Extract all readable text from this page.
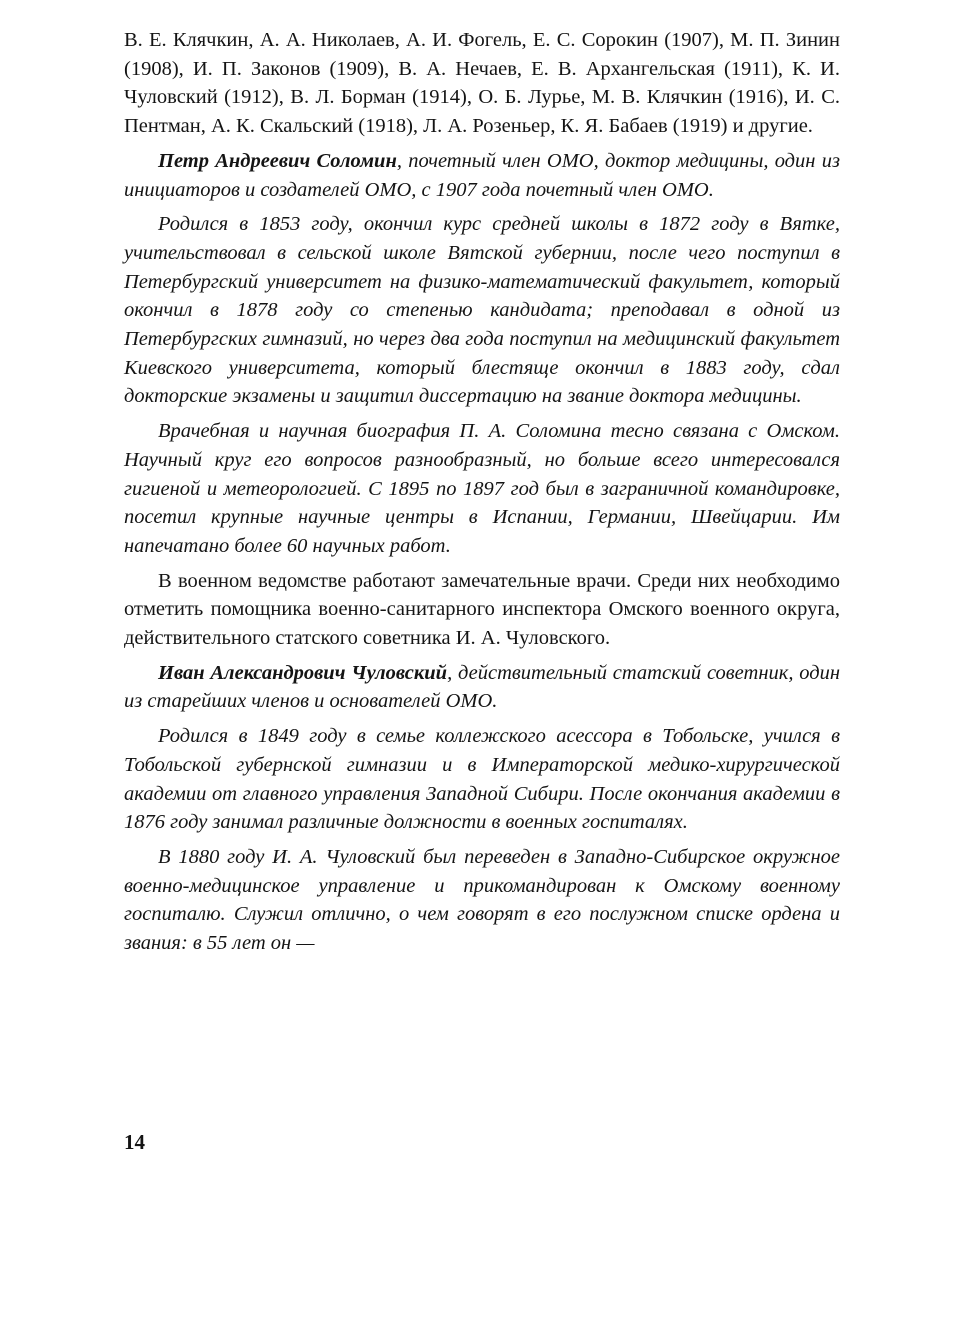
В. Е. Клячкин, А. А. Николаев, А. И. Фогель, Е. С. Сорокин (1907), М. П. Зинин (1908), И. П. Законов (1909), В. А. Нечаев, Е. В. Архангельская (1911), К. И. Чуловский (1912), В. Л. Борман (1914), О. Б. Лурье, М. В. Клячкин (1916), И. С. Пентман, А. К. Скальский (1918), Л. А. Розеньер, К. Я. Бабаев (1919) и другие.

Петр Андреевич Соломин, почетный член ОМО, доктор медицины, один из инициаторов и создателей ОМО, с 1907 года почетный член ОМО.

Родился в 1853 году, окончил курс средней школы в 1872 году в Вятке, учительствовал в сельской школе Вятской губернии, после чего поступил в Петербургский университет на физико-математический факультет, который окончил в 1878 году со степенью кандидата; преподавал в одной из Петербургских гимназий, но через два года поступил на медицинский факультет Киевского университета, который блестяще окончил в 1883 году, сдал докторские экзамены и защитил диссертацию на звание доктора медицины.

Врачебная и научная биография П. А. Соломина тесно связана с Омском. Научный круг его вопросов разнообразный, но больше всего интересовался гигиеной и метеорологией. С 1895 по 1897 год был в заграничной командировке, посетил крупные научные центры в Испании, Германии, Швейцарии. Им напечатано более 60 научных работ.

В военном ведомстве работают замечательные врачи. Среди них необходимо отметить помощника военно-санитарного инспектора Омского военного округа, действительного статского советника И. А. Чуловского.

Иван Александрович Чуловский, действительный статский советник, один из старейших членов и основателей ОМО.

Родился в 1849 году в семье коллежского асессора в Тобольске, учился в Тобольской губернской гимназии и в Императорской медико-хирургической академии от главного управления Западной Сибири. После окончания академии в 1876 году занимал различные должности в военных госпиталях.

В 1880 году И. А. Чуловский был переведен в Западно-Сибирское окружное военно-медицинское управление и прикомандирован к Омскому военному госпиталю. Служил отлично, о чем говорят в его послужном списке ордена и звания: в 55 лет он —

14
